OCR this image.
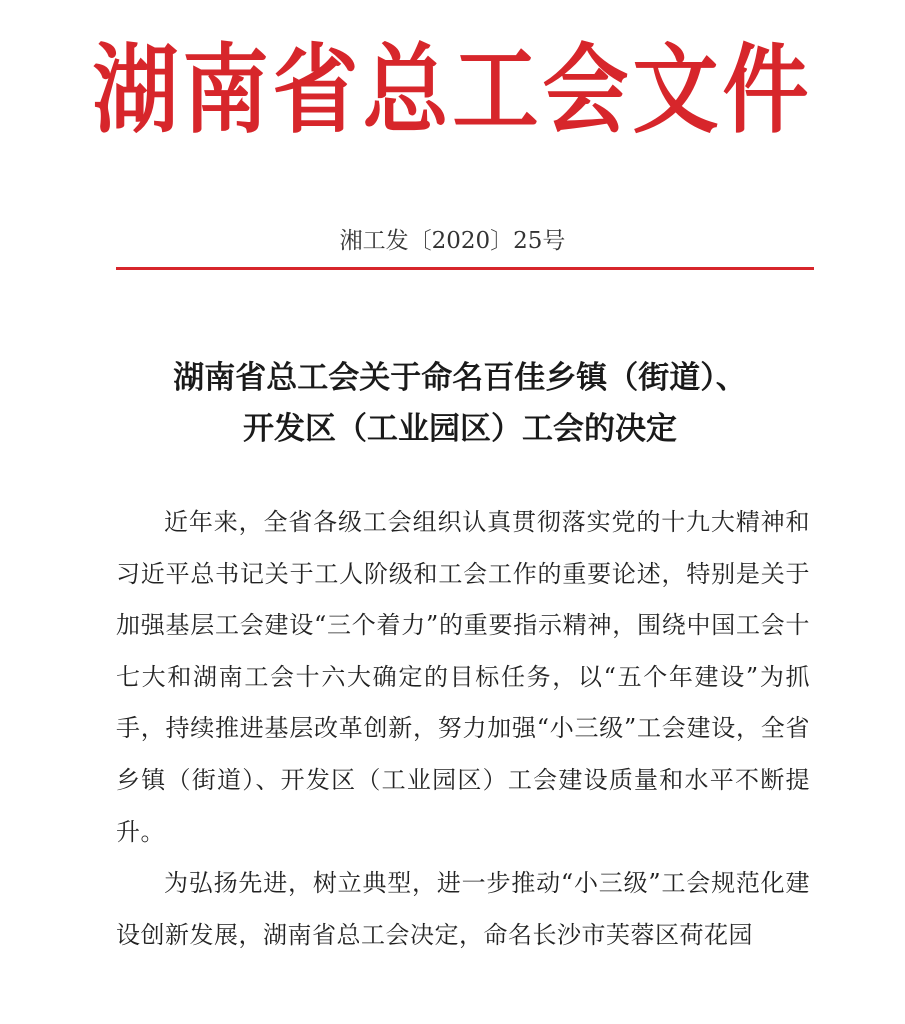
湖南省总工会文件
湘工发〔2020〕25号
湖南省总工会关于命名百佳乡镇（街道）、
开发区（工业园区）工会的决定

近年来，全省各级工会组织认真贯彻落实党的十九大精神和习近平总书记关于工人阶级和工会工作的重要论述，特别是关于加强基层工会建设“三个着力”的重要指示精神，围绕中国工会十七大和湖南工会十六大确定的目标任务，以“五个年建设”为抓手，持续推进基层改革创新，努力加强“小三级”工会建设，全省乡镇（街道）、开发区（工业园区）工会建设质量和水平不断提升。

为弘扬先进，树立典型，进一步推动“小三级”工会规范化建设创新发展，湖南省总工会决定，命名长沙市芙蓉区荷花园
